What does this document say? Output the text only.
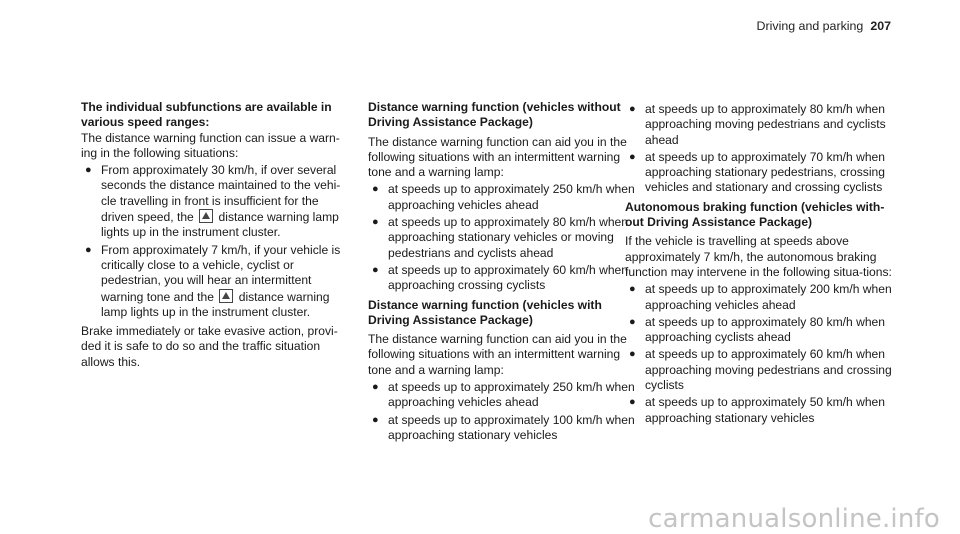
Driving and parking 207

The individual subfunctions are available in various speed ranges:

The distance warning function can issue a warn-ing in the following situations:

● From approximately 30 km/h, if over several seconds the distance maintained to the vehi-cle travelling in front is insufficient for the driven speed, the distance warning lamp lights up in the instrument cluster.
● From approximately 7 km/h, if your vehicle is critically close to a vehicle, cyclist or pedestrian, you will hear an intermittent warning tone and the distance warning lamp lights up in the instrument cluster.

Brake immediately or take evasive action, provi-ded it is safe to do so and the traffic situation allows this.

Distance warning function (vehicles without Driving Assistance Package)

The distance warning function can aid you in the following situations with an intermittent warning tone and a warning lamp:

● at speeds up to approximately 250 km/h when approaching vehicles ahead
● at speeds up to approximately 80 km/h when approaching stationary vehicles or moving pedestrians and cyclists ahead
● at speeds up to approximately 60 km/h when approaching crossing cyclists

Distance warning function (vehicles with Driving Assistance Package)

The distance warning function can aid you in the following situations with an intermittent warning tone and a warning lamp:

● at speeds up to approximately 250 km/h when approaching vehicles ahead
● at speeds up to approximately 100 km/h when approaching stationary vehicles
● at speeds up to approximately 80 km/h when approaching moving pedestrians and cyclists ahead
● at speeds up to approximately 70 km/h when approaching stationary pedestrians, crossing vehicles and stationary and crossing cyclists

Autonomous braking function (vehicles with-out Driving Assistance Package)

If the vehicle is travelling at speeds above approximately 7 km/h, the autonomous braking function may intervene in the following situa-tions:

● at speeds up to approximately 200 km/h when approaching vehicles ahead
● at speeds up to approximately 80 km/h when approaching cyclists ahead
● at speeds up to approximately 60 km/h when approaching moving pedestrians and crossing cyclists
● at speeds up to approximately 50 km/h when approaching stationary vehicles
carmanualsonline.info
